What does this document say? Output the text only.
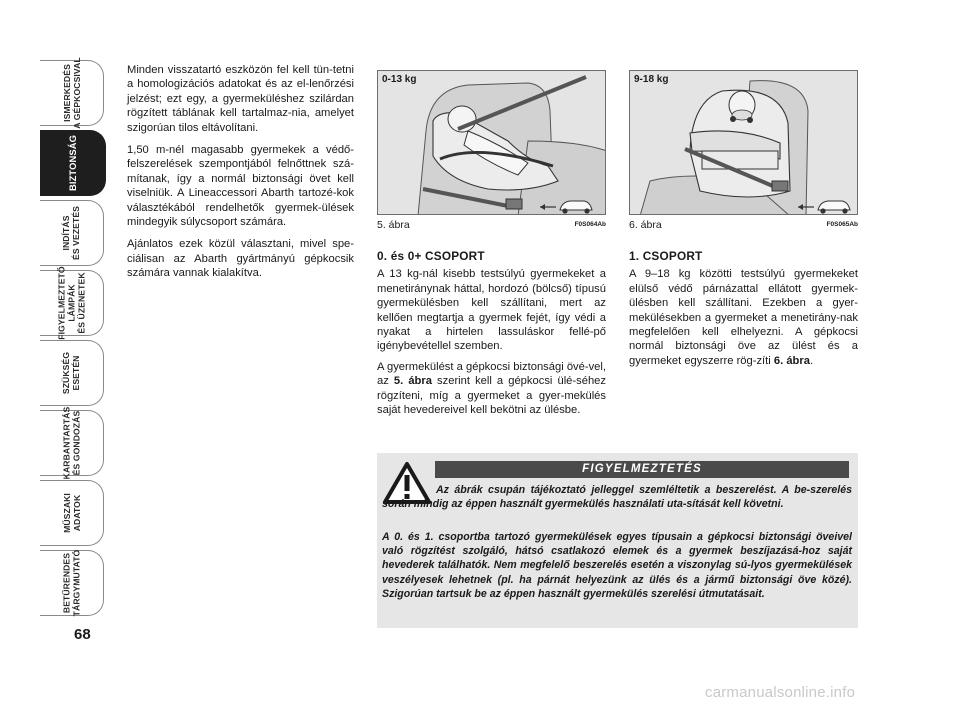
ISMERKEDÉS
A GÉPKOCSIVAL
BIZTONSÁG
INDÍTÁS
ÉS VEZETÉS
FIGYELMEZTETŐ
LÁMPÁK
ÉS ÜZENETEK
SZÜKSÉG
ESETÉN
KARBANTARTÁS
ÉS GONDOZÁS
MŰSZAKI
ADATOK
BETŰRENDES
TÁRGYMUTATÓ
68

Minden visszatartó eszközön fel kell tün-tetni a homologizációs adatokat és az el-lenőrzési jelzést; ezt egy, a gyermeküléshez szilárdan rögzített táblának kell tartalmaz-nia, amelyet szigorúan tilos eltávolítani.

1,50 m-nél magasabb gyermekek a védő-felszerelések szempontjából felnőttnek szá-mítanak, így a normál biztonsági övet kell viselniük. A Lineaccessori Abarth tartozé-kok választékából rendelhetők gyermek-ülések mindegyik súlycsoport számára.

Ajánlatos ezek közül választani, mivel spe-ciálisan az Abarth gyártmányú gépkocsik számára vannak kialakítva.

0-13 kg
5. ábra	F0S064Ab
9-18 kg
6. ábra	F0S065Ab
0. és 0+ CSOPORT

A 13 kg-nál kisebb testsúlyú gyermekeket a menetiránynak háttal, hordozó (bölcső) típusú gyermekülésben kell szállítani, mert az kellően megtartja a gyermek fejét, így védi a nyakat a hirtelen lassuláskor fellé-pő igénybevétellel szemben.

A gyermekülést a gépkocsi biztonsági övé-vel, az 5. ábra szerint kell a gépkocsi ülé-séhez rögzíteni, míg a gyermeket a gyer-mekülés saját hevedereivel kell bekötni az ülésbe.

1. CSOPORT

A 9–18 kg közötti testsúlyú gyermekeket elülső védő párnázattal ellátott gyermek-ülésben kell szállítani. Ezekben a gyer-mekülésekben a gyermeket a menetirány-nak megfelelően kell elhelyezni. A gépkocsi normál biztonsági öve az ülést és a gyermeket egyszerre rög-zíti 6. ábra.

FIGYELMEZTETÉS

Az ábrák csupán tájékoztató jelleggel szemléltetik a beszerelést. A be-szerelés során mindig az éppen használt gyermekülés használati uta-sítását kell követni.

A 0. és 1. csoportba tartozó gyermekülések egyes típusain a gépkocsi biztonsági öveivel való rögzítést szolgáló, hátsó csatlakozó elemek és a gyermek beszíjazásá-hoz saját hevederek találhatók. Nem megfelelő beszerelés esetén a viszonylag sú-lyos gyermekülések veszélyesek lehetnek (pl. ha párnát helyezünk az ülés és a jármű biztonsági öve közé). Szigorúan tartsuk be az éppen használt gyermekülés szerelési útmutatásait.

carmanualsonline.info
